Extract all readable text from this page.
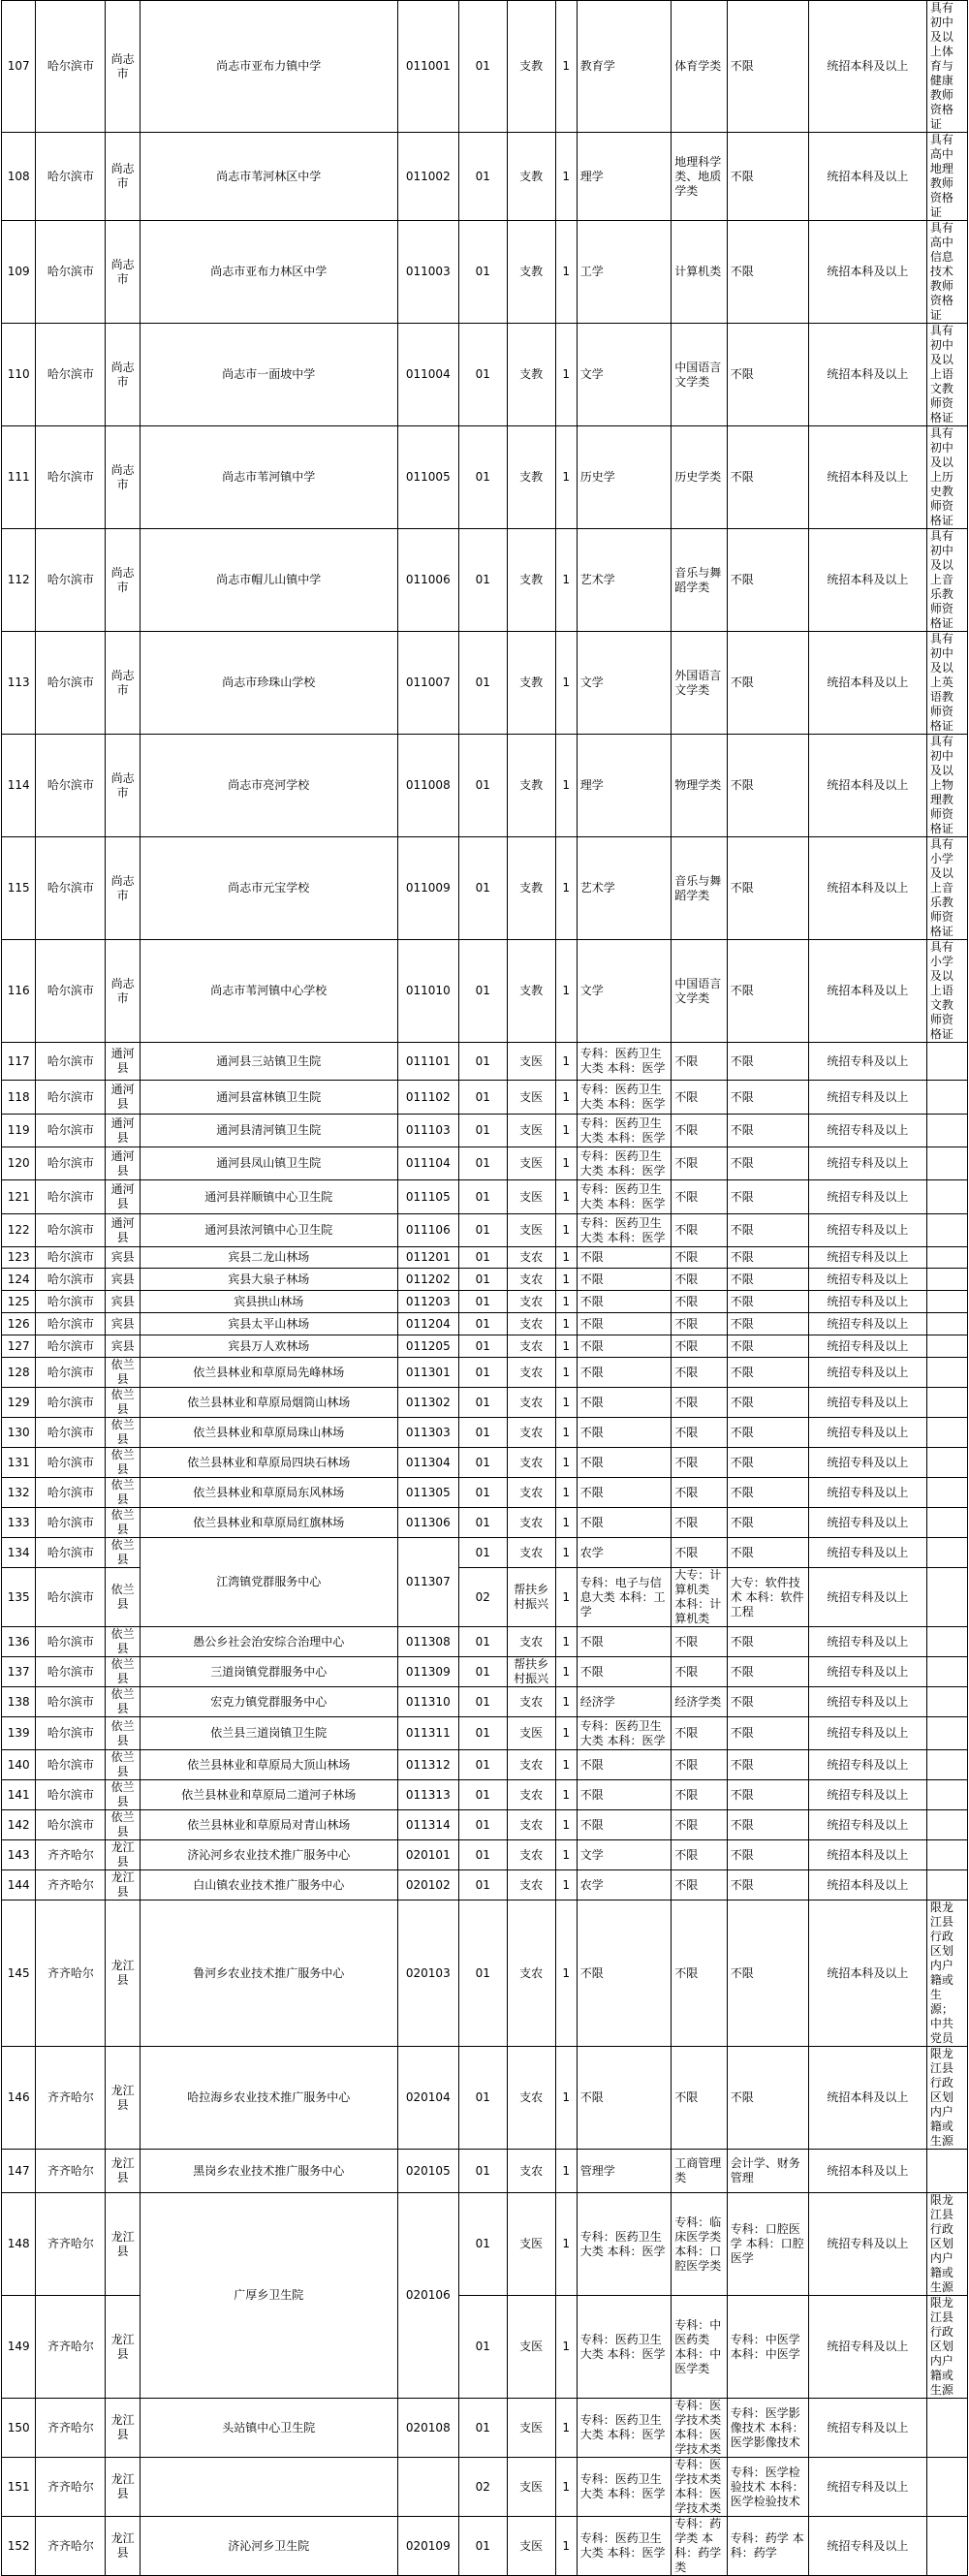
107	哈尔滨市	尚志市	尚志市亚布力镇中学	011001	01	支教	1	教育学	体育学类	不限	统招本科及以上	具有初中及以上体育与健康教师资格证
108	哈尔滨市	尚志市	尚志市苇河林区中学	011002	01	支教	1	理学	地理科学类、地质学类	不限	统招本科及以上	具有高中地理教师资格证
109	哈尔滨市	尚志市	尚志市亚布力林区中学	011003	01	支教	1	工学	计算机类	不限	统招本科及以上	具有高中信息技术教师资格证
110	哈尔滨市	尚志市	尚志市一面坡中学	011004	01	支教	1	文学	中国语言文学类	不限	统招本科及以上	具有初中及以上语文教师资格证
111	哈尔滨市	尚志市	尚志市苇河镇中学	011005	01	支教	1	历史学	历史学类	不限	统招本科及以上	具有初中及以上历史教师资格证
112	哈尔滨市	尚志市	尚志市帽儿山镇中学	011006	01	支教	1	艺术学	音乐与舞蹈学类	不限	统招本科及以上	具有初中及以上音乐教师资格证
113	哈尔滨市	尚志市	尚志市珍珠山学校	011007	01	支教	1	文学	外国语言文学类	不限	统招本科及以上	具有初中及以上英语教师资格证
114	哈尔滨市	尚志市	尚志市亮河学校	011008	01	支教	1	理学	物理学类	不限	统招本科及以上	具有初中及以上物理教师资格证
115	哈尔滨市	尚志市	尚志市元宝学校	011009	01	支教	1	艺术学	音乐与舞蹈学类	不限	统招本科及以上	具有小学及以上音乐教师资格证
116	哈尔滨市	尚志市	尚志市苇河镇中心学校	011010	01	支教	1	文学	中国语言文学类	不限	统招本科及以上	具有小学及以上语文教师资格证
117	哈尔滨市	通河县	通河县三站镇卫生院	011101	01	支医	1	专科：医药卫生大类 本科：医学	不限	不限	统招专科及以上	
118	哈尔滨市	通河县	通河县富林镇卫生院	011102	01	支医	1	专科：医药卫生大类 本科：医学	不限	不限	统招专科及以上	
119	哈尔滨市	通河县	通河县清河镇卫生院	011103	01	支医	1	专科：医药卫生大类 本科：医学	不限	不限	统招专科及以上	
120	哈尔滨市	通河县	通河县凤山镇卫生院	011104	01	支医	1	专科：医药卫生大类 本科：医学	不限	不限	统招专科及以上	
121	哈尔滨市	通河县	通河县祥顺镇中心卫生院	011105	01	支医	1	专科：医药卫生大类 本科：医学	不限	不限	统招专科及以上	
122	哈尔滨市	通河县	通河县浓河镇中心卫生院	011106	01	支医	1	专科：医药卫生大类 本科：医学	不限	不限	统招专科及以上	
123	哈尔滨市	宾县	宾县二龙山林场	011201	01	支农	1	不限	不限	不限	统招专科及以上	
124	哈尔滨市	宾县	宾县大泉子林场	011202	01	支农	1	不限	不限	不限	统招专科及以上	
125	哈尔滨市	宾县	宾县拱山林场	011203	01	支农	1	不限	不限	不限	统招专科及以上	
126	哈尔滨市	宾县	宾县太平山林场	011204	01	支农	1	不限	不限	不限	统招专科及以上	
127	哈尔滨市	宾县	宾县万人欢林场	011205	01	支农	1	不限	不限	不限	统招专科及以上	
128	哈尔滨市	依兰县	依兰县林业和草原局先峰林场	011301	01	支农	1	不限	不限	不限	统招专科及以上	
129	哈尔滨市	依兰县	依兰县林业和草原局烟筒山林场	011302	01	支农	1	不限	不限	不限	统招专科及以上	
130	哈尔滨市	依兰县	依兰县林业和草原局珠山林场	011303	01	支农	1	不限	不限	不限	统招专科及以上	
131	哈尔滨市	依兰县	依兰县林业和草原局四块石林场	011304	01	支农	1	不限	不限	不限	统招专科及以上	
132	哈尔滨市	依兰县	依兰县林业和草原局东风林场	011305	01	支农	1	不限	不限	不限	统招专科及以上	
133	哈尔滨市	依兰县	依兰县林业和草原局红旗林场	011306	01	支农	1	不限	不限	不限	统招专科及以上	
134	哈尔滨市	依兰县	江湾镇党群服务中心	011307	01	支农	1	农学	不限	不限	统招专科及以上	
135	哈尔滨市	依兰县			02	帮扶乡村振兴	1	专科：电子与信息大类 本科：工学	大专：计算机类 本科：计算机类	大专：软件技术 本科：软件工程	统招专科及以上	
136	哈尔滨市	依兰县	愚公乡社会治安综合治理中心	011308	01	支农	1	不限	不限	不限	统招专科及以上	
137	哈尔滨市	依兰县	三道岗镇党群服务中心	011309	01	帮扶乡村振兴	1	不限	不限	不限	统招专科及以上	
138	哈尔滨市	依兰县	宏克力镇党群服务中心	011310	01	支农	1	经济学	经济学类	不限	统招专科及以上	
139	哈尔滨市	依兰县	依兰县三道岗镇卫生院	011311	01	支医	1	专科：医药卫生大类 本科：医学	不限	不限	统招专科及以上	
140	哈尔滨市	依兰县	依兰县林业和草原局大顶山林场	011312	01	支农	1	不限	不限	不限	统招专科及以上	
141	哈尔滨市	依兰县	依兰县林业和草原局二道河子林场	011313	01	支农	1	不限	不限	不限	统招专科及以上	
142	哈尔滨市	依兰县	依兰县林业和草原局对青山林场	011314	01	支农	1	不限	不限	不限	统招专科及以上	
143	齐齐哈尔	龙江县	济沁河乡农业技术推广服务中心	020101	01	支农	1	文学	不限	不限	统招本科及以上	
144	齐齐哈尔	龙江县	白山镇农业技术推广服务中心	020102	01	支农	1	农学	不限	不限	统招本科及以上	
145	齐齐哈尔	龙江县	鲁河乡农业技术推广服务中心	020103	01	支农	1	不限	不限	不限	统招本科及以上	限龙江县行政区划内户籍或生源；中共党员
146	齐齐哈尔	龙江县	哈拉海乡农业技术推广服务中心	020104	01	支农	1	不限	不限	不限	统招本科及以上	限龙江县行政区划内户籍或生源
147	齐齐哈尔	龙江县	黑岗乡农业技术推广服务中心	020105	01	支农	1	管理学	工商管理类	会计学、财务管理	统招本科及以上	
148	齐齐哈尔	龙江县	广厚乡卫生院	020106	01	支医	1	专科：医药卫生大类 本科：医学	专科：临床医学类 本科：口腔医学类	专科：口腔医学 本科：口腔医学	统招专科及以上	限龙江县行政区划内户籍或生源
149	齐齐哈尔	龙江县			01	支医	1	专科：医药卫生大类 本科：医学	专科：中医药类 本科：中医学类	专科：中医学 本科：中医学	统招专科及以上	限龙江县行政区划内户籍或生源
150	齐齐哈尔	龙江县	头站镇中心卫生院	020108	01	支医	1	专科：医药卫生大类 本科：医学	专科：医学技术类 本科：医学技术类	专科：医学影像技术 本科：医学影像技术	统招专科及以上	
151	齐齐哈尔	龙江县			02	支医	1	专科：医药卫生大类 本科：医学	专科：医学技术类 本科：医学技术类	专科：医学检验技术 本科：医学检验技术	统招专科及以上	
152	齐齐哈尔	龙江县	济沁河乡卫生院	020109	01	支医	1	专科：医药卫生大类 本科：医学	专科：药学类 本科：药学类	专科：药学 本科：药学	统招专科及以上	
